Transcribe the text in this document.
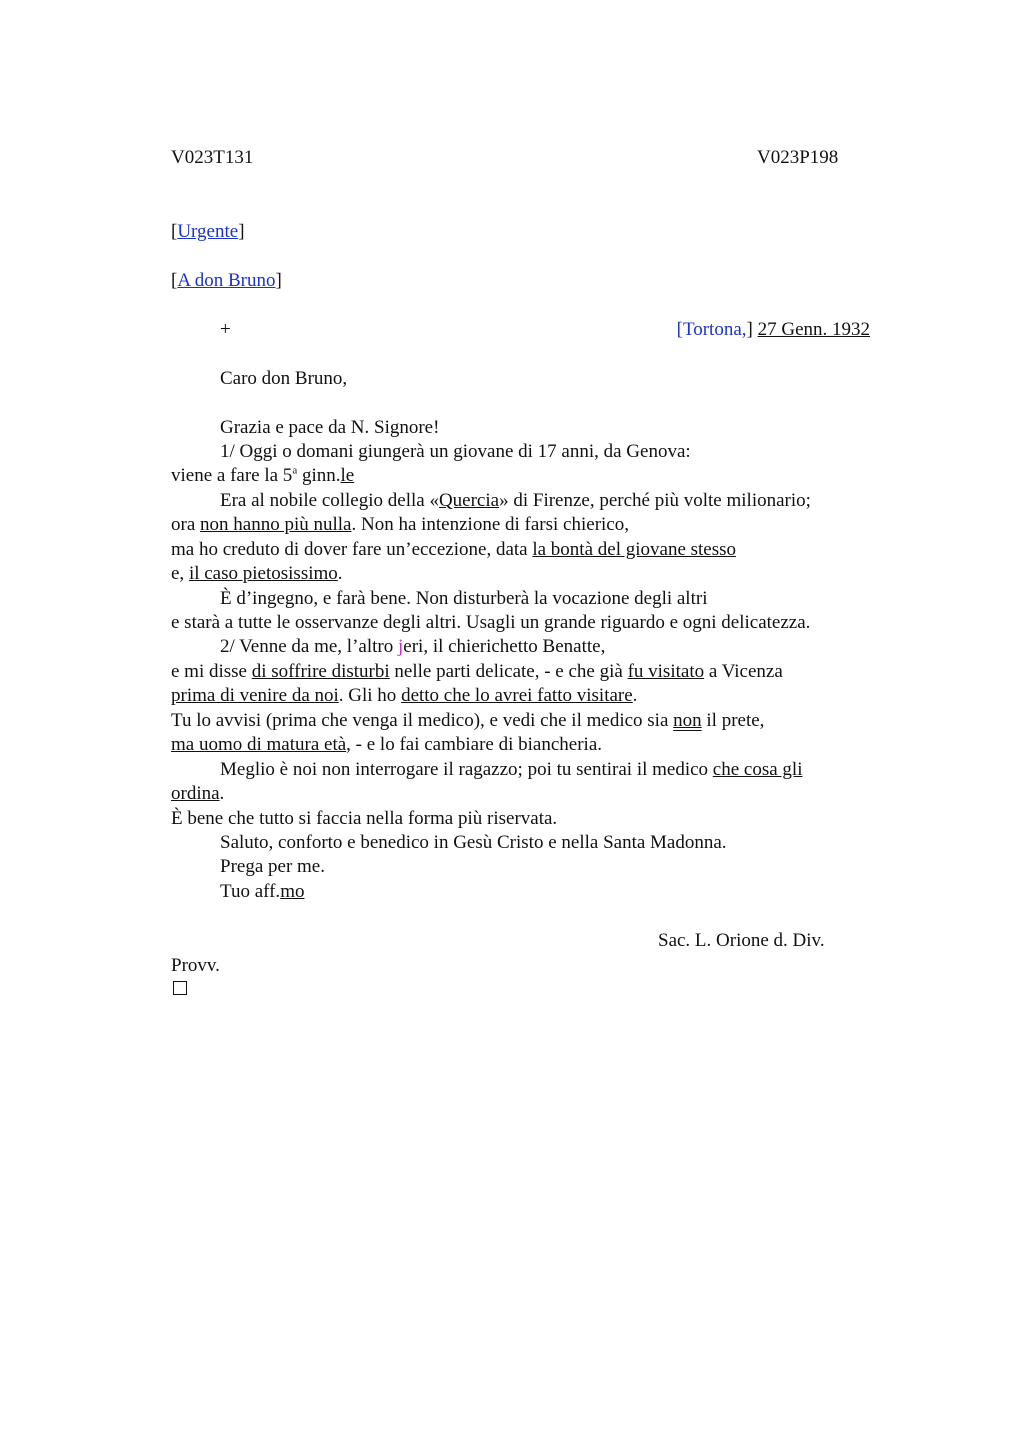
V023T131	V023P198
[Urgente]
[A don Bruno]
+	[Tortona,] 27 Genn. 1932
Caro don Bruno,
Grazia e pace da N. Signore!
1/ Oggi o domani giungerà un giovane di 17 anni, da Genova:
viene a fare la 5$^a$ ginn.le
Era al nobile collegio della «Quercia» di Firenze, perché più volte milionario;
ora non hanno più nulla. Non ha intenzione di farsi chierico,
ma ho creduto di dover fare un’eccezione, data la bontà del giovane stesso
e, il caso pietosissimo.
È d’ingegno, e farà bene. Non disturberà la vocazione degli altri
e starà a tutte le osservanze degli altri. Usagli un grande riguardo e ogni delicatezza.
2/ Venne da me, l’altro jeri, il chierichetto Benatte,
e mi disse di soffrire disturbi nelle parti delicate, - e che già fu visitato a Vicenza
prima di venire da noi. Gli ho detto che lo avrei fatto visitare.
Tu lo avvisi (prima che venga il medico), e vedi che il medico sia non il prete,
ma uomo di matura età, - e lo fai cambiare di biancheria.
Meglio è noi non interrogare il ragazzo; poi tu sentirai il medico che cosa gli
ordina.
È bene che tutto si faccia nella forma più riservata.
Saluto, conforto e benedico in Gesù Cristo e nella Santa Madonna.
Prega per me.
Tuo aff.mo
Sac. L. Orione d. Div.
Provv.
